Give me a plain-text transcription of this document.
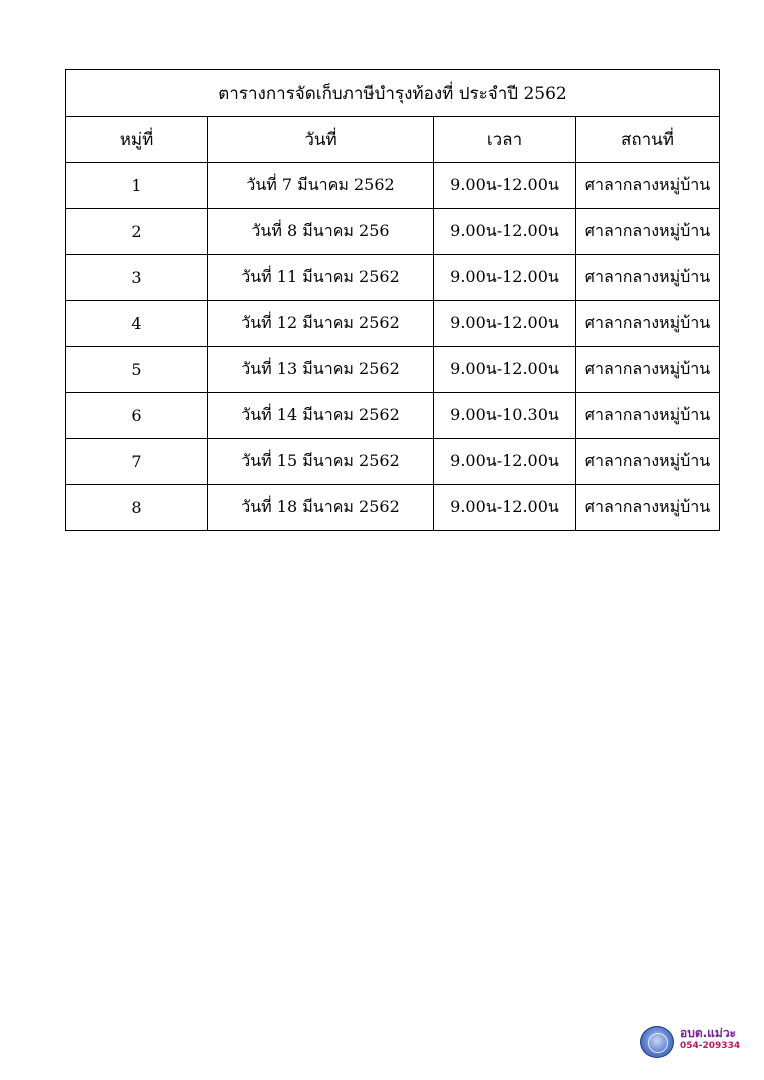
ตารางการจัดเก็บภาษีบำรุงท้องที่ ประจำปี 2562			
หมู่ที่	วันที่	เวลา	สถานที่
1	วันที่ 7 มีนาคม 2562	9.00น-12.00น	ศาลากลางหมู่บ้าน
2	วันที่ 8 มีนาคม 256	9.00น-12.00น	ศาลากลางหมู่บ้าน
3	วันที่ 11 มีนาคม 2562	9.00น-12.00น	ศาลากลางหมู่บ้าน
4	วันที่ 12 มีนาคม 2562	9.00น-12.00น	ศาลากลางหมู่บ้าน
5	วันที่ 13 มีนาคม 2562	9.00น-12.00น	ศาลากลางหมู่บ้าน
6	วันที่ 14 มีนาคม 2562	9.00น-10.30น	ศาลากลางหมู่บ้าน
7	วันที่ 15 มีนาคม 2562	9.00น-12.00น	ศาลากลางหมู่บ้าน
8	วันที่ 18 มีนาคม 2562	9.00น-12.00น	ศาลากลางหมู่บ้าน
อบต.แม่วะ
054-209334
